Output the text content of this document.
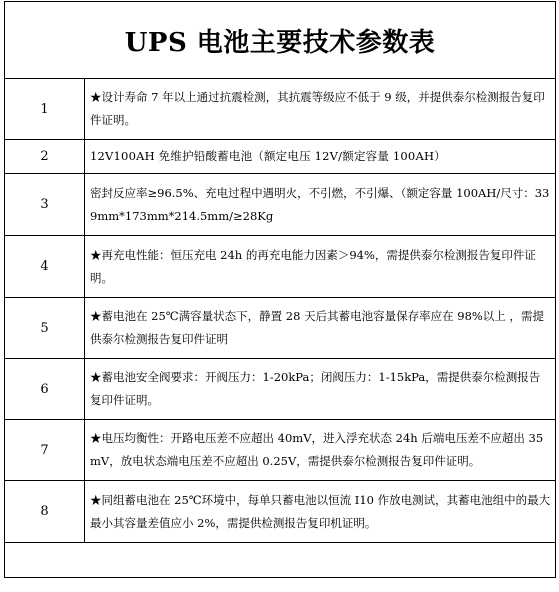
UPS 电池主要技术参数表	
1	★设计寿命 7 年以上通过抗震检测，其抗震等级应不低于 9 级，并提供泰尔检测报告复印件证明。
2	12V100AH 免维护铅酸蓄电池（额定电压 12V/额定容量 100AH）
3	密封反应率≥96.5%、充电过程中遇明火，不引燃，不引爆、（额定容量 100AH/尺寸：339mm*173mm*214.5mm/≥28Kg
4	★再充电性能：恒压充电 24h 的再充电能力因素＞94%，需提供泰尔检测报告复印件证明。
5	★蓄电池在 25℃满容量状态下，静置 28 天后其蓄电池容量保存率应在 98%以上 ，需提供泰尔检测报告复印件证明
6	★蓄电池安全阀要求：开阀压力：1-20kPa；闭阀压力：1-15kPa，需提供泰尔检测报告复印件证明。
7	★电压均衡性：开路电压差不应超出 40mV，进入浮充状态 24h 后端电压差不应超出 35mV，放电状态端电压差不应超出 0.25V，需提供泰尔检测报告复印件证明。
8	★同组蓄电池在 25℃环境中，每单只蓄电池以恒流 I10 作放电测试，其蓄电池组中的最大最小其容量差值应小 2%，需提供检测报告复印机证明。
